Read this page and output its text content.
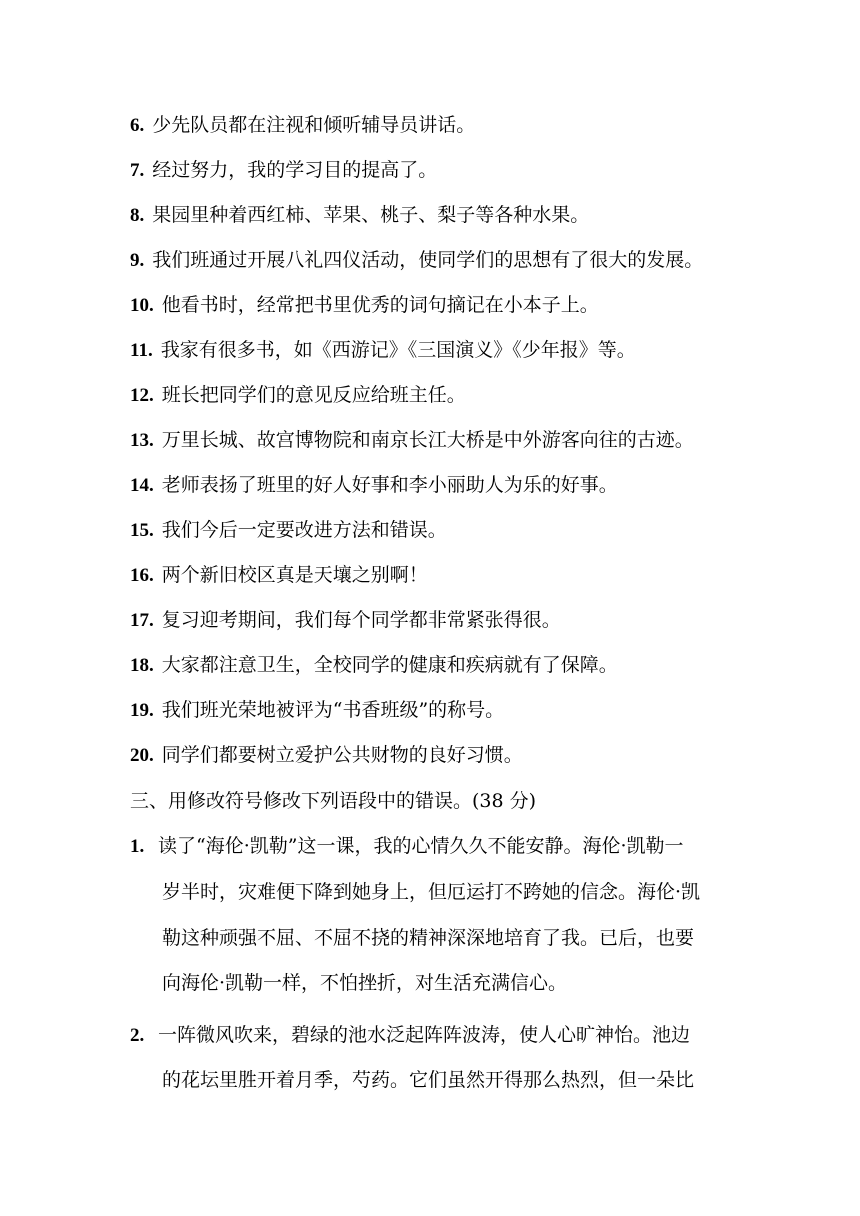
6. 少先队员都在注视和倾听辅导员讲话。
7. 经过努力，我的学习目的提高了。
8. 果园里种着西红柿、苹果、桃子、梨子等各种水果。
9. 我们班通过开展八礼四仪活动，使同学们的思想有了很大的发展。
10. 他看书时，经常把书里优秀的词句摘记在小本子上。
11. 我家有很多书，如《西游记》《三国演义》《少年报》等。
12. 班长把同学们的意见反应给班主任。
13. 万里长城、故宫博物院和南京长江大桥是中外游客向往的古迹。
14. 老师表扬了班里的好人好事和李小丽助人为乐的好事。
15. 我们今后一定要改进方法和错误。
16. 两个新旧校区真是天壤之别啊！
17. 复习迎考期间，我们每个同学都非常紧张得很。
18. 大家都注意卫生，全校同学的健康和疾病就有了保障。
19. 我们班光荣地被评为“书香班级”的称号。
20. 同学们都要树立爱护公共财物的良好习惯。
三、用修改符号修改下列语段中的错误。(38 分)
1. 读了“海伦·凯勒”这一课，我的心情久久不能安静。海伦·凯勒一
岁半时，灾难便下降到她身上，但厄运打不跨她的信念。海伦·凯
勒这种顽强不屈、不屈不挠的精神深深地培育了我。已后，也要
向海伦·凯勒一样，不怕挫折，对生活充满信心。
2. 一阵微风吹来，碧绿的池水泛起阵阵波涛，使人心旷神怡。池边
的花坛里胜开着月季，芍药。它们虽然开得那么热烈，但一朵比
